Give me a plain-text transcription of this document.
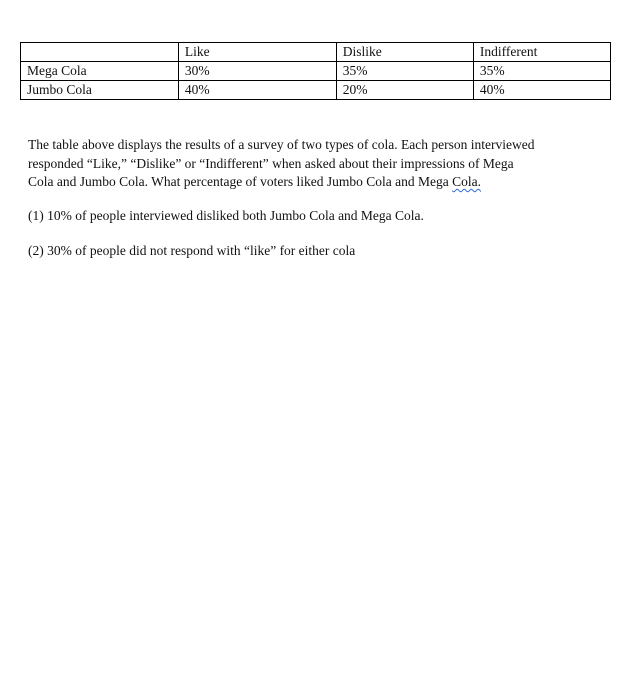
	Like	Dislike	Indifferent
Mega Cola	30%	35%	35%
Jumbo Cola	40%	20%	40%

The table above displays the results of a survey of two types of cola. Each person interviewed
responded “Like,” “Dislike” or “Indifferent” when asked about their impressions of Mega
Cola and Jumbo Cola. What percentage of voters liked Jumbo Cola and Mega Cola.

(1) 10% of people interviewed disliked both Jumbo Cola and Mega Cola.

(2) 30% of people did not respond with “like” for either cola
